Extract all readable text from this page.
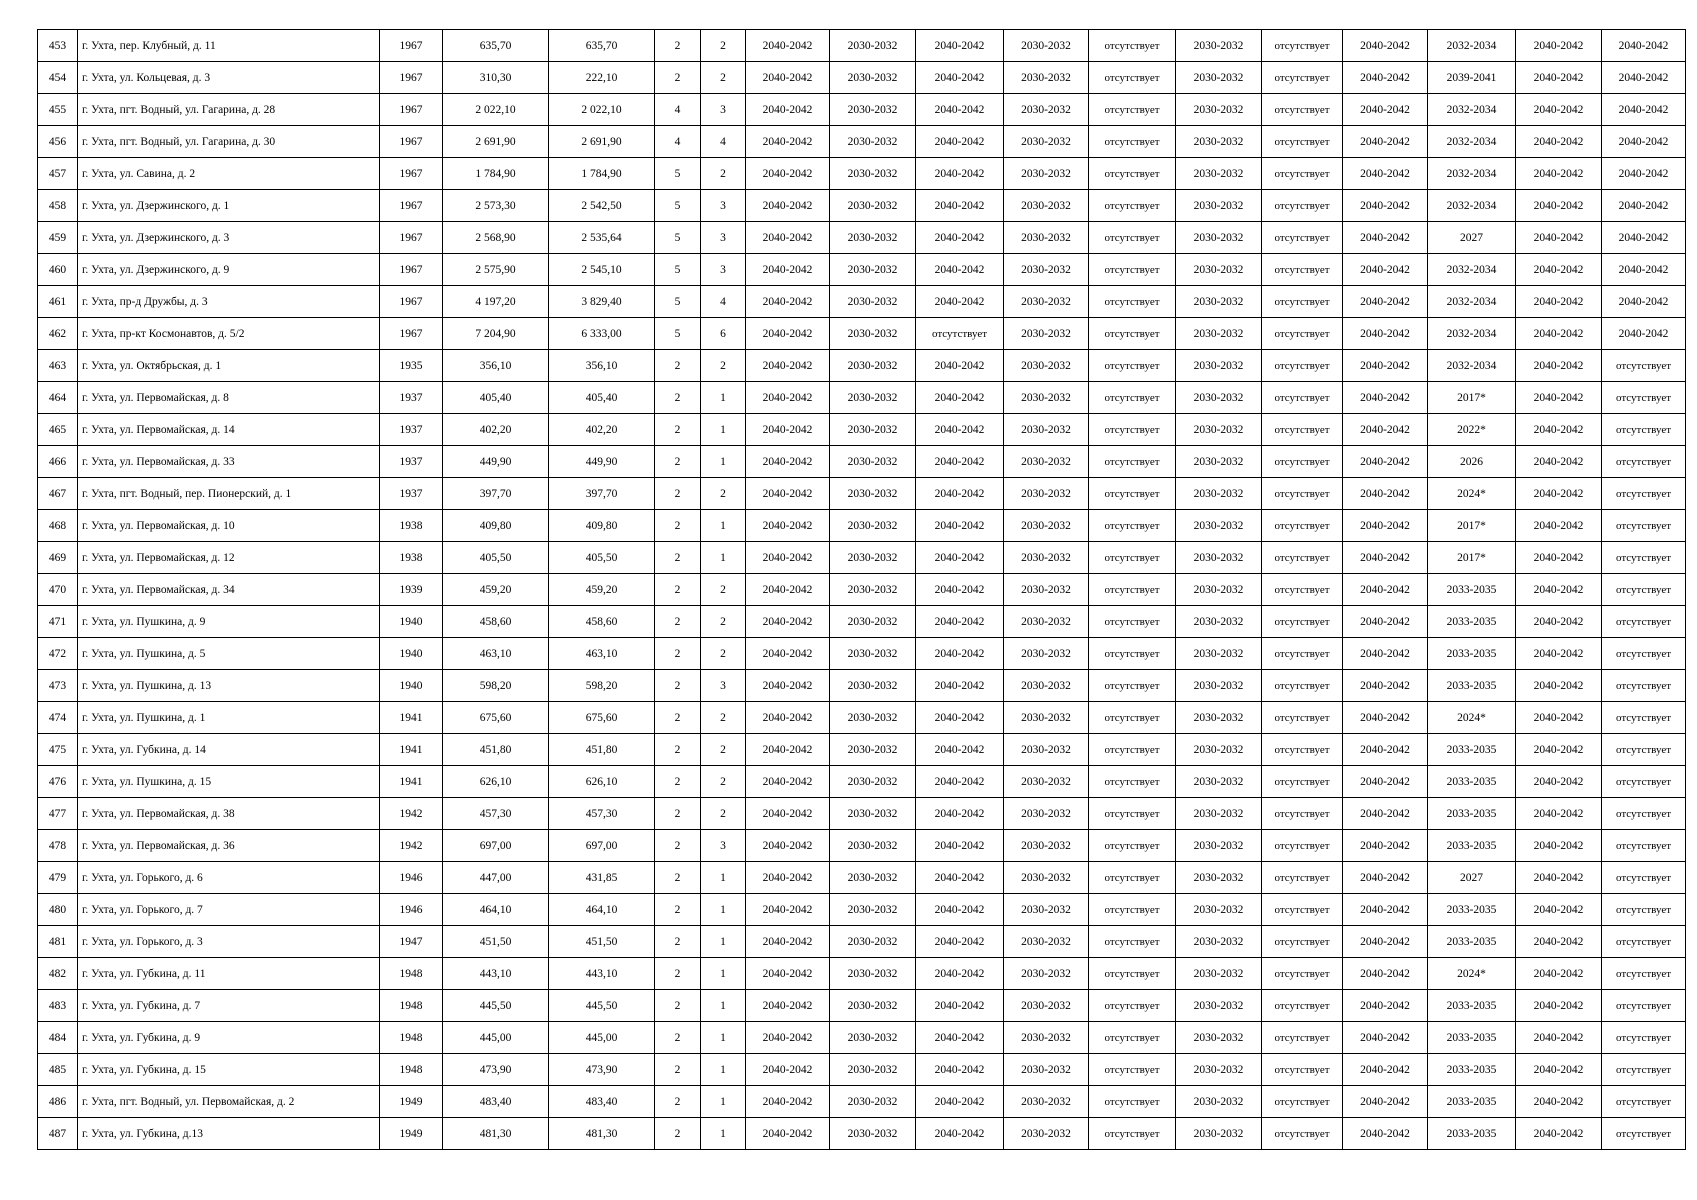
453	г. Ухта, пер. Клубный, д. 11	1967	635,70	635,70	2	2	2040-2042	2030-2032	2040-2042	2030-2032	отсутствует	2030-2032	отсутствует	2040-2042	2032-2034	2040-2042	2040-2042
454	г. Ухта, ул. Кольцевая, д. 3	1967	310,30	222,10	2	2	2040-2042	2030-2032	2040-2042	2030-2032	отсутствует	2030-2032	отсутствует	2040-2042	2039-2041	2040-2042	2040-2042
455	г. Ухта, пгт. Водный, ул. Гагарина, д. 28	1967	2 022,10	2 022,10	4	3	2040-2042	2030-2032	2040-2042	2030-2032	отсутствует	2030-2032	отсутствует	2040-2042	2032-2034	2040-2042	2040-2042
456	г. Ухта, пгт. Водный, ул. Гагарина, д. 30	1967	2 691,90	2 691,90	4	4	2040-2042	2030-2032	2040-2042	2030-2032	отсутствует	2030-2032	отсутствует	2040-2042	2032-2034	2040-2042	2040-2042
457	г. Ухта, ул. Савина, д. 2	1967	1 784,90	1 784,90	5	2	2040-2042	2030-2032	2040-2042	2030-2032	отсутствует	2030-2032	отсутствует	2040-2042	2032-2034	2040-2042	2040-2042
458	г. Ухта, ул. Дзержинского, д. 1	1967	2 573,30	2 542,50	5	3	2040-2042	2030-2032	2040-2042	2030-2032	отсутствует	2030-2032	отсутствует	2040-2042	2032-2034	2040-2042	2040-2042
459	г. Ухта, ул. Дзержинского, д. 3	1967	2 568,90	2 535,64	5	3	2040-2042	2030-2032	2040-2042	2030-2032	отсутствует	2030-2032	отсутствует	2040-2042	2027	2040-2042	2040-2042
460	г. Ухта, ул. Дзержинского, д. 9	1967	2 575,90	2 545,10	5	3	2040-2042	2030-2032	2040-2042	2030-2032	отсутствует	2030-2032	отсутствует	2040-2042	2032-2034	2040-2042	2040-2042
461	г. Ухта, пр-д Дружбы, д. 3	1967	4 197,20	3 829,40	5	4	2040-2042	2030-2032	2040-2042	2030-2032	отсутствует	2030-2032	отсутствует	2040-2042	2032-2034	2040-2042	2040-2042
462	г. Ухта, пр-кт Космонавтов, д. 5/2	1967	7 204,90	6 333,00	5	6	2040-2042	2030-2032	отсутствует	2030-2032	отсутствует	2030-2032	отсутствует	2040-2042	2032-2034	2040-2042	2040-2042
463	г. Ухта, ул. Октябрьская, д. 1	1935	356,10	356,10	2	2	2040-2042	2030-2032	2040-2042	2030-2032	отсутствует	2030-2032	отсутствует	2040-2042	2032-2034	2040-2042	отсутствует
464	г. Ухта, ул. Первомайская, д. 8	1937	405,40	405,40	2	1	2040-2042	2030-2032	2040-2042	2030-2032	отсутствует	2030-2032	отсутствует	2040-2042	2017*	2040-2042	отсутствует
465	г. Ухта, ул. Первомайская, д. 14	1937	402,20	402,20	2	1	2040-2042	2030-2032	2040-2042	2030-2032	отсутствует	2030-2032	отсутствует	2040-2042	2022*	2040-2042	отсутствует
466	г. Ухта, ул. Первомайская, д. 33	1937	449,90	449,90	2	1	2040-2042	2030-2032	2040-2042	2030-2032	отсутствует	2030-2032	отсутствует	2040-2042	2026	2040-2042	отсутствует
467	г. Ухта, пгт. Водный, пер. Пионерский, д. 1	1937	397,70	397,70	2	2	2040-2042	2030-2032	2040-2042	2030-2032	отсутствует	2030-2032	отсутствует	2040-2042	2024*	2040-2042	отсутствует
468	г. Ухта, ул. Первомайская, д. 10	1938	409,80	409,80	2	1	2040-2042	2030-2032	2040-2042	2030-2032	отсутствует	2030-2032	отсутствует	2040-2042	2017*	2040-2042	отсутствует
469	г. Ухта, ул. Первомайская, д. 12	1938	405,50	405,50	2	1	2040-2042	2030-2032	2040-2042	2030-2032	отсутствует	2030-2032	отсутствует	2040-2042	2017*	2040-2042	отсутствует
470	г. Ухта, ул. Первомайская, д. 34	1939	459,20	459,20	2	2	2040-2042	2030-2032	2040-2042	2030-2032	отсутствует	2030-2032	отсутствует	2040-2042	2033-2035	2040-2042	отсутствует
471	г. Ухта, ул. Пушкина, д. 9	1940	458,60	458,60	2	2	2040-2042	2030-2032	2040-2042	2030-2032	отсутствует	2030-2032	отсутствует	2040-2042	2033-2035	2040-2042	отсутствует
472	г. Ухта, ул. Пушкина, д. 5	1940	463,10	463,10	2	2	2040-2042	2030-2032	2040-2042	2030-2032	отсутствует	2030-2032	отсутствует	2040-2042	2033-2035	2040-2042	отсутствует
473	г. Ухта, ул. Пушкина, д. 13	1940	598,20	598,20	2	3	2040-2042	2030-2032	2040-2042	2030-2032	отсутствует	2030-2032	отсутствует	2040-2042	2033-2035	2040-2042	отсутствует
474	г. Ухта, ул. Пушкина, д. 1	1941	675,60	675,60	2	2	2040-2042	2030-2032	2040-2042	2030-2032	отсутствует	2030-2032	отсутствует	2040-2042	2024*	2040-2042	отсутствует
475	г. Ухта, ул. Губкина, д. 14	1941	451,80	451,80	2	2	2040-2042	2030-2032	2040-2042	2030-2032	отсутствует	2030-2032	отсутствует	2040-2042	2033-2035	2040-2042	отсутствует
476	г. Ухта, ул. Пушкина, д. 15	1941	626,10	626,10	2	2	2040-2042	2030-2032	2040-2042	2030-2032	отсутствует	2030-2032	отсутствует	2040-2042	2033-2035	2040-2042	отсутствует
477	г. Ухта, ул. Первомайская, д. 38	1942	457,30	457,30	2	2	2040-2042	2030-2032	2040-2042	2030-2032	отсутствует	2030-2032	отсутствует	2040-2042	2033-2035	2040-2042	отсутствует
478	г. Ухта, ул. Первомайская, д. 36	1942	697,00	697,00	2	3	2040-2042	2030-2032	2040-2042	2030-2032	отсутствует	2030-2032	отсутствует	2040-2042	2033-2035	2040-2042	отсутствует
479	г. Ухта, ул. Горького, д. 6	1946	447,00	431,85	2	1	2040-2042	2030-2032	2040-2042	2030-2032	отсутствует	2030-2032	отсутствует	2040-2042	2027	2040-2042	отсутствует
480	г. Ухта, ул. Горького, д. 7	1946	464,10	464,10	2	1	2040-2042	2030-2032	2040-2042	2030-2032	отсутствует	2030-2032	отсутствует	2040-2042	2033-2035	2040-2042	отсутствует
481	г. Ухта, ул. Горького, д. 3	1947	451,50	451,50	2	1	2040-2042	2030-2032	2040-2042	2030-2032	отсутствует	2030-2032	отсутствует	2040-2042	2033-2035	2040-2042	отсутствует
482	г. Ухта, ул. Губкина, д. 11	1948	443,10	443,10	2	1	2040-2042	2030-2032	2040-2042	2030-2032	отсутствует	2030-2032	отсутствует	2040-2042	2024*	2040-2042	отсутствует
483	г. Ухта, ул. Губкина, д. 7	1948	445,50	445,50	2	1	2040-2042	2030-2032	2040-2042	2030-2032	отсутствует	2030-2032	отсутствует	2040-2042	2033-2035	2040-2042	отсутствует
484	г. Ухта, ул. Губкина, д. 9	1948	445,00	445,00	2	1	2040-2042	2030-2032	2040-2042	2030-2032	отсутствует	2030-2032	отсутствует	2040-2042	2033-2035	2040-2042	отсутствует
485	г. Ухта, ул. Губкина, д. 15	1948	473,90	473,90	2	1	2040-2042	2030-2032	2040-2042	2030-2032	отсутствует	2030-2032	отсутствует	2040-2042	2033-2035	2040-2042	отсутствует
486	г. Ухта, пгт. Водный, ул. Первомайская, д. 2	1949	483,40	483,40	2	1	2040-2042	2030-2032	2040-2042	2030-2032	отсутствует	2030-2032	отсутствует	2040-2042	2033-2035	2040-2042	отсутствует
487	г. Ухта, ул. Губкина, д.13	1949	481,30	481,30	2	1	2040-2042	2030-2032	2040-2042	2030-2032	отсутствует	2030-2032	отсутствует	2040-2042	2033-2035	2040-2042	отсутствует
